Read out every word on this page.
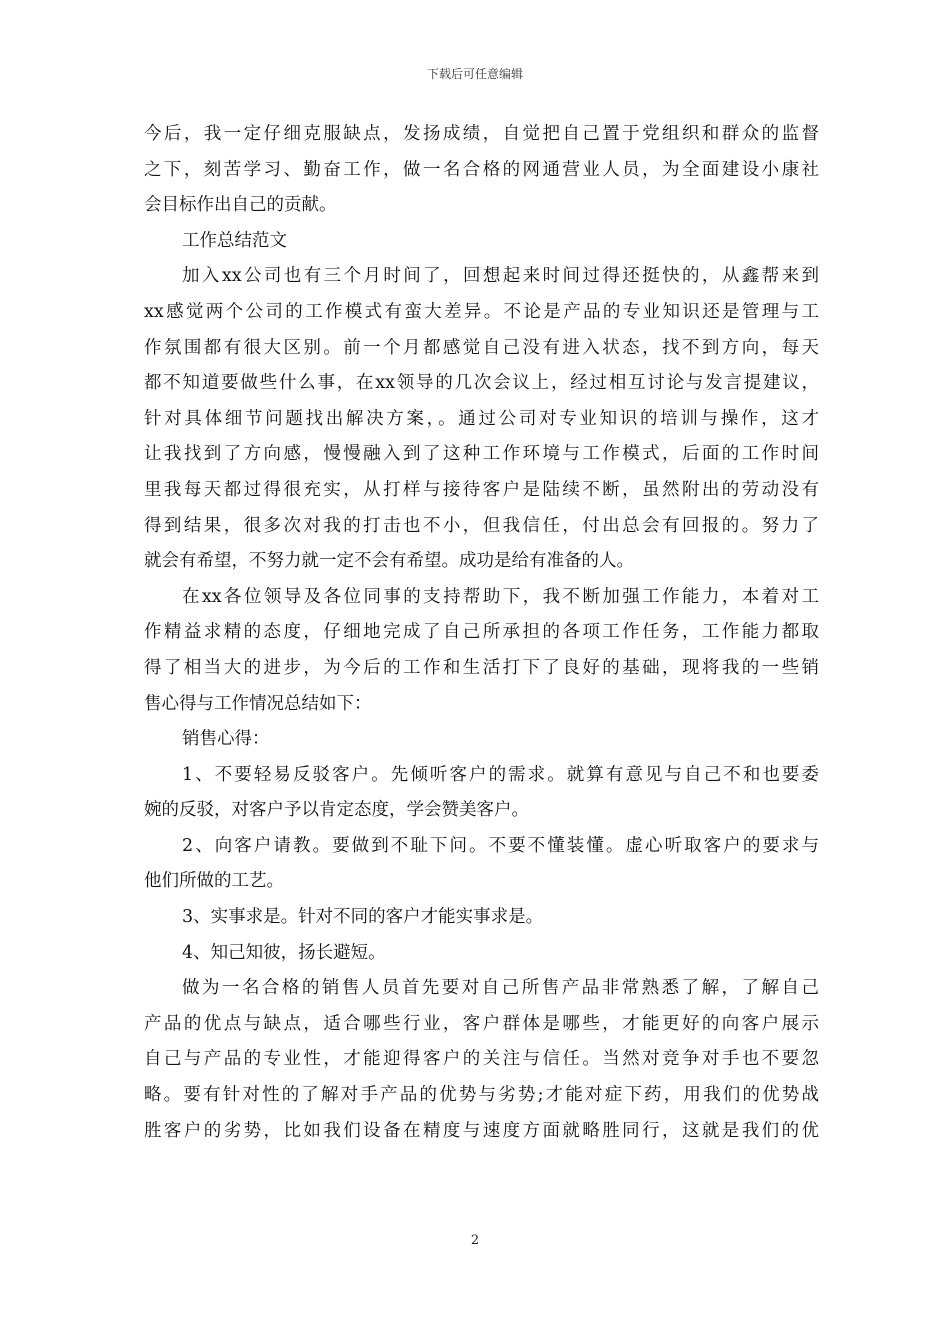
下载后可任意编辑
今后，我一定仔细克服缺点，发扬成绩，自觉把自己置于党组织和群众的监督
之下，刻苦学习、勤奋工作，做一名合格的网通营业人员，为全面建设小康社
会目标作出自己的贡献。
工作总结范文
加入xx公司也有三个月时间了，回想起来时间过得还挺快的，从鑫帮来到
xx感觉两个公司的工作模式有蛮大差异。不论是产品的专业知识还是管理与工
作氛围都有很大区别。前一个月都感觉自己没有进入状态，找不到方向，每天
都不知道要做些什么事，在xx领导的几次会议上，经过相互讨论与发言提建议，
针对具体细节问题找出解决方案，。通过公司对专业知识的培训与操作，这才
让我找到了方向感，慢慢融入到了这种工作环境与工作模式，后面的工作时间
里我每天都过得很充实，从打样与接待客户是陆续不断，虽然附出的劳动没有
得到结果，很多次对我的打击也不小，但我信任，付出总会有回报的。努力了
就会有希望，不努力就一定不会有希望。成功是给有准备的人。
在xx各位领导及各位同事的支持帮助下，我不断加强工作能力，本着对工
作精益求精的态度，仔细地完成了自己所承担的各项工作任务，工作能力都取
得了相当大的进步，为今后的工作和生活打下了良好的基础，现将我的一些销
售心得与工作情况总结如下：
销售心得：
1、不要轻易反驳客户。先倾听客户的需求。就算有意见与自己不和也要委
婉的反驳，对客户予以肯定态度，学会赞美客户。
2、向客户请教。要做到不耻下问。不要不懂装懂。虚心听取客户的要求与
他们所做的工艺。
3、实事求是。针对不同的客户才能实事求是。
4、知己知彼，扬长避短。
做为一名合格的销售人员首先要对自己所售产品非常熟悉了解，了解自己
产品的优点与缺点，适合哪些行业，客户群体是哪些，才能更好的向客户展示
自己与产品的专业性，才能迎得客户的关注与信任。当然对竞争对手也不要忽
略。要有针对性的了解对手产品的优势与劣势;才能对症下药，用我们的优势战
胜客户的劣势，比如我们设备在精度与速度方面就略胜同行，这就是我们的优
2
